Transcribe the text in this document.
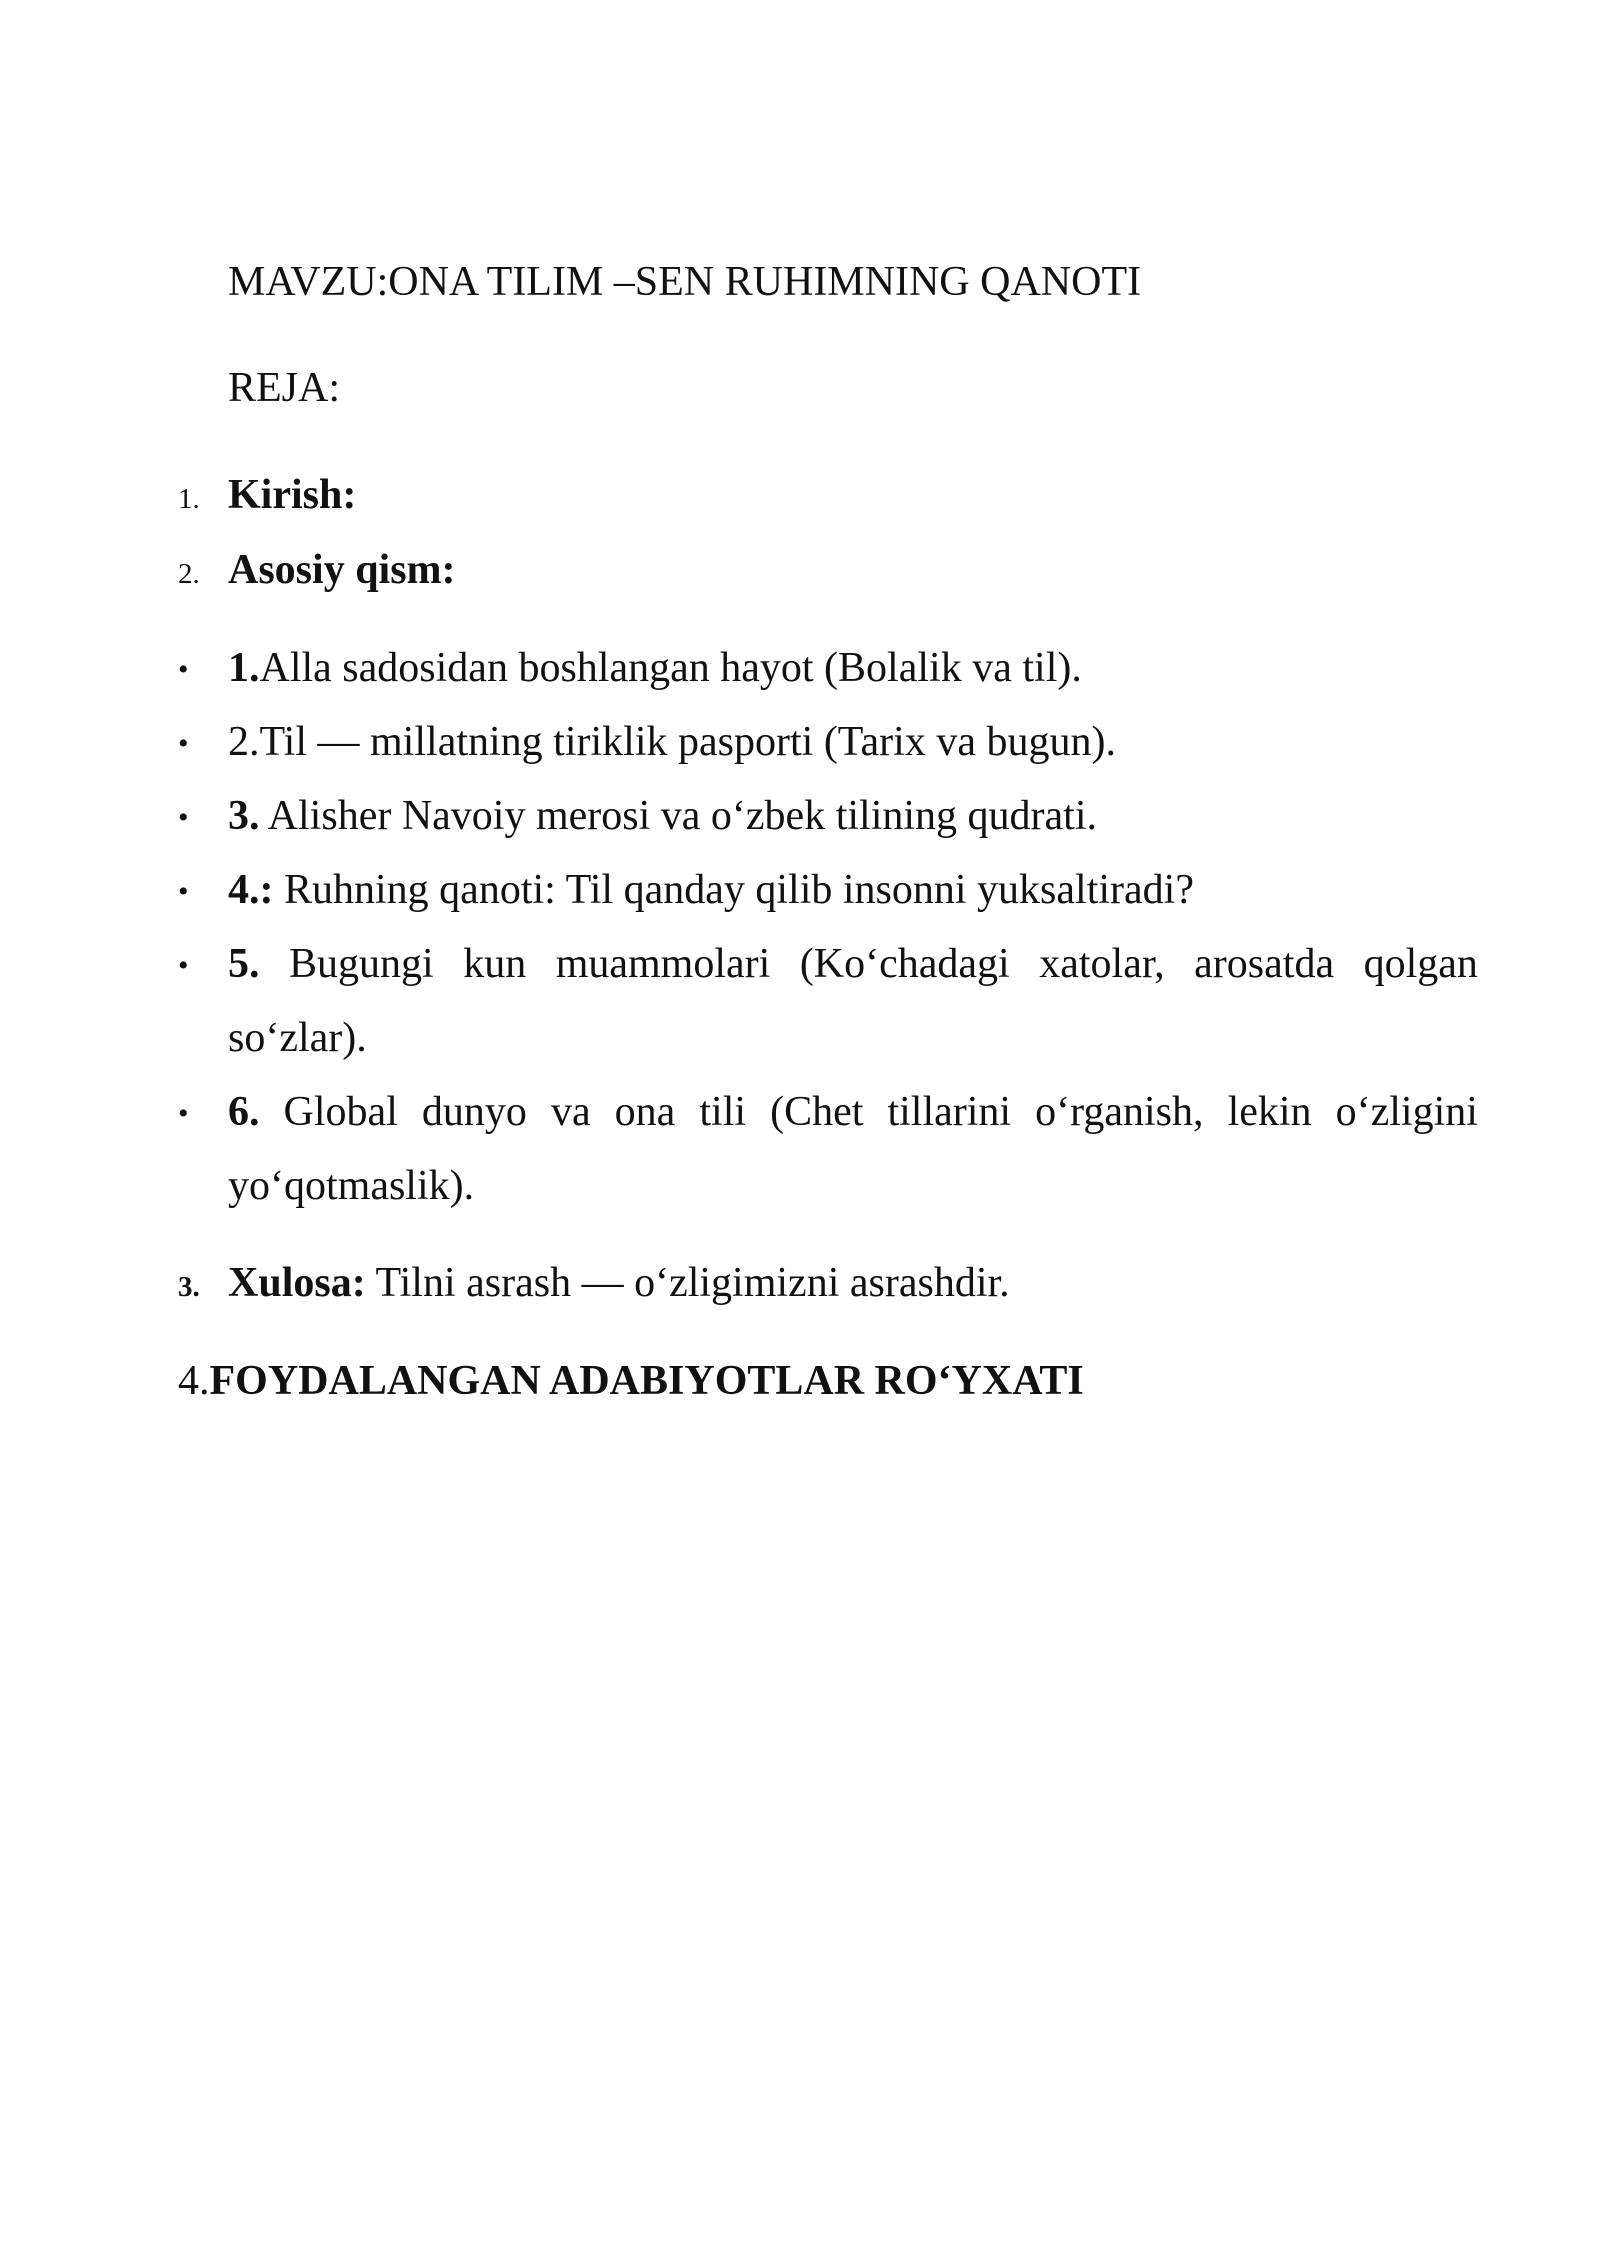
MAVZU:ONA TILIM –SEN RUHIMNING QANOTI
REJA:
1. Kirish:
2. Asosiy qism:
• 1.Alla sadosidan boshlangan hayot (Bolalik va til).
• 2.Til — millatning tiriklik pasporti (Tarix va bugun).
• 3. Alisher Navoiy merosi va o‘zbek tilining qudrati.
• 4.: Ruhning qanoti: Til qanday qilib insonni yuksaltiradi?
• 5. Bugungi kun muammolari (Ko‘chadagi xatolar, arosatda qolgan
so‘zlar).
• 6. Global dunyo va ona tili (Chet tillarini o‘rganish, lekin o‘zligini
yo‘qotmaslik).
3. Xulosa: Tilni asrash — o‘zligimizni asrashdir.
4.FOYDALANGAN ADABIYOTLAR RO‘YXATI
